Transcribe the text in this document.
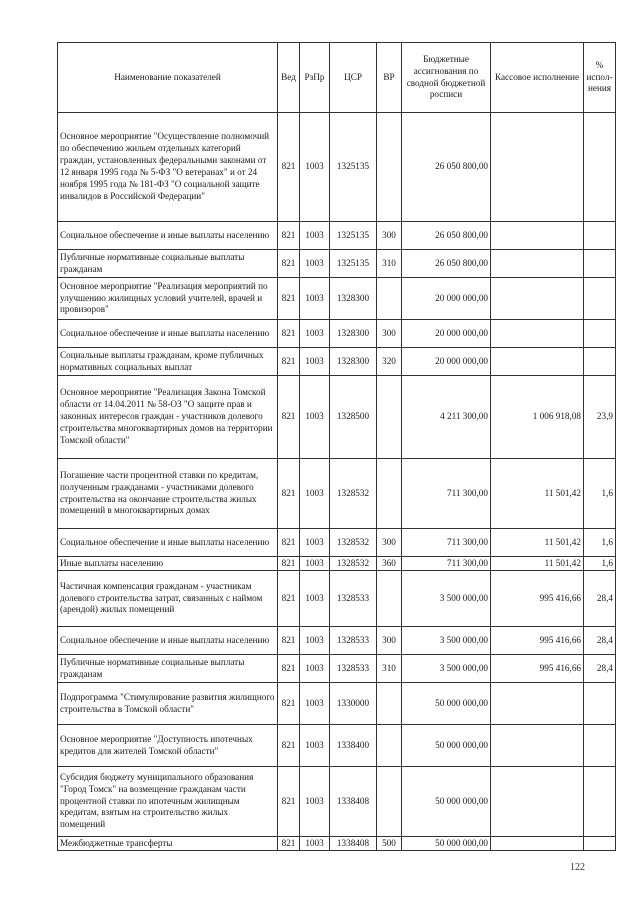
Наименование показателей	Вед	РзПр	ЦСР	ВР	Бюджетные ассигнования по сводной бюджетной росписи	Кассовое исполнение	% испол-нения
Основное мероприятие "Осуществление полномочий по обеспечению жильем отдельных категорий граждан, установленных федеральными законами от 12 января 1995 года № 5-ФЗ "О ветеранах" и от 24 ноября 1995 года № 181-ФЗ "О социальной защите инвалидов в Российской Федерации"	821	1003	1325135		26 050 800,00		
Социальное обеспечение и иные выплаты населению	821	1003	1325135	300	26 050 800,00		
Публичные нормативные социальные выплаты гражданам	821	1003	1325135	310	26 050 800,00		
Основное мероприятие "Реализация мероприятий по улучшению жилищных условий учителей, врачей и провизоров"	821	1003	1328300		20 000 000,00		
Социальное обеспечение и иные выплаты населению	821	1003	1328300	300	20 000 000,00		
Социальные выплаты гражданам, кроме публичных нормативных социальных выплат	821	1003	1328300	320	20 000 000,00		
Основное мероприятие "Реализация Закона Томской области от 14.04.2011 № 58-ОЗ "О защите прав и законных интересов граждан - участников долевого строительства многоквартирных домов на территории Томской области"	821	1003	1328500		4 211 300,00	1 006 918,08	23,9
Погашение части процентной ставки по кредитам, полученным гражданами - участниками долевого строительства на окончание строительства жилых помещений в многоквартирных домах	821	1003	1328532		711 300,00	11 501,42	1,6
Социальное обеспечение и иные выплаты населению	821	1003	1328532	300	711 300,00	11 501,42	1,6
Иные выплаты населению	821	1003	1328532	360	711 300,00	11 501,42	1,6
Частичная компенсация гражданам - участникам долевого строительства затрат, связанных с наймом (арендой) жилых помещений	821	1003	1328533		3 500 000,00	995 416,66	28,4
Социальное обеспечение и иные выплаты населению	821	1003	1328533	300	3 500 000,00	995 416,66	28,4
Публичные нормативные социальные выплаты гражданам	821	1003	1328533	310	3 500 000,00	995 416,66	28,4
Подпрограмма "Стимулирование развития жилищного строительства в Томской области"	821	1003	1330000		50 000 000,00		
Основное мероприятие "Доступность ипотечных кредитов для жителей Томской области"	821	1003	1338400		50 000 000,00		
Субсидия бюджету муниципального образования "Город Томск" на возмещение гражданам части процентной ставки по ипотечным жилищным кредитам, взятым на строительство жилых помещений	821	1003	1338408		50 000 000,00		
Межбюджетные трансферты	821	1003	1338408	500	50 000 000,00		
122
